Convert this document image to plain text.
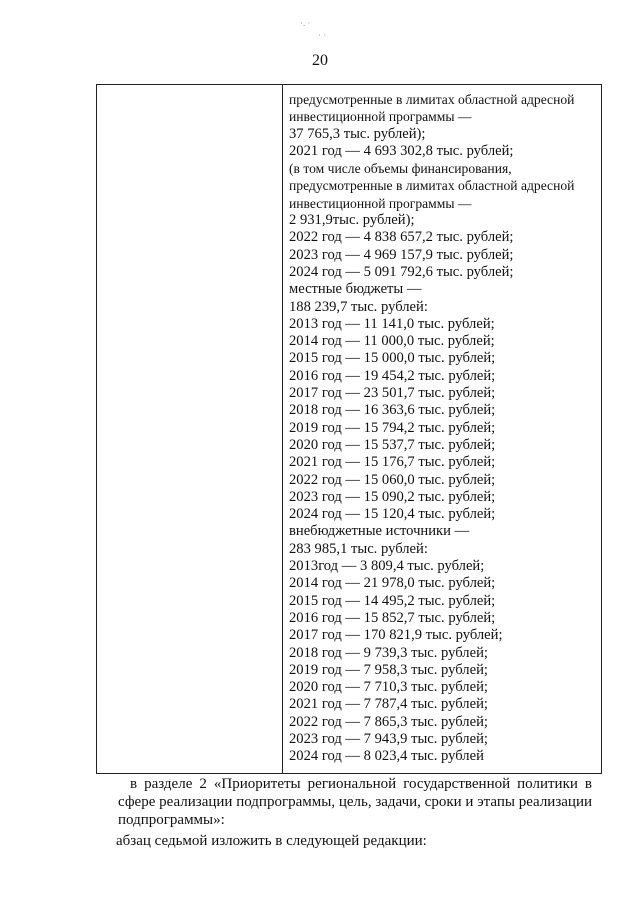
·. ·
· ·
20
предусмотренные в лимитах областной адресной
инвестиционной программы —
37 765,3 тыс. рублей);
2021 год — 4 693 302,8 тыс. рублей;
(в том числе объемы финансирования,
предусмотренные в лимитах областной адресной
инвестиционной программы —
2 931,9тыс. рублей);
2022 год — 4 838 657,2 тыс. рублей;
2023 год — 4 969 157,9 тыс. рублей;
2024 год — 5 091 792,6 тыс. рублей;
местные бюджеты —
188 239,7 тыс. рублей:
2013 год — 11 141,0 тыс. рублей;
2014 год — 11 000,0 тыс. рублей;
2015 год — 15 000,0 тыс. рублей;
2016 год — 19 454,2 тыс. рублей;
2017 год — 23 501,7 тыс. рублей;
2018 год — 16 363,6 тыс. рублей;
2019 год — 15 794,2 тыс. рублей;
2020 год — 15 537,7 тыс. рублей;
2021 год — 15 176,7 тыс. рублей;
2022 год — 15 060,0 тыс. рублей;
2023 год — 15 090,2 тыс. рублей;
2024 год — 15 120,4 тыс. рублей;
внебюджетные источники —
283 985,1 тыс. рублей:
2013год — 3 809,4 тыс. рублей;
2014 год — 21 978,0 тыс. рублей;
2015 год — 14 495,2 тыс. рублей;
2016 год — 15 852,7 тыс. рублей;
2017 год — 170 821,9 тыс. рублей;
2018 год — 9 739,3 тыс. рублей;
2019 год — 7 958,3 тыс. рублей;
2020 год — 7 710,3 тыс. рублей;
2021 год — 7 787,4 тыс. рублей;
2022 год — 7 865,3 тыс. рублей;
2023 год — 7 943,9 тыс. рублей;
2024 год — 8 023,4 тыс. рублей
в разделе 2 «Приоритеты региональной государственной политики в сфере реализации подпрограммы, цель, задачи, сроки и этапы реализации подпрограммы»:
абзац седьмой изложить в следующей редакции:
